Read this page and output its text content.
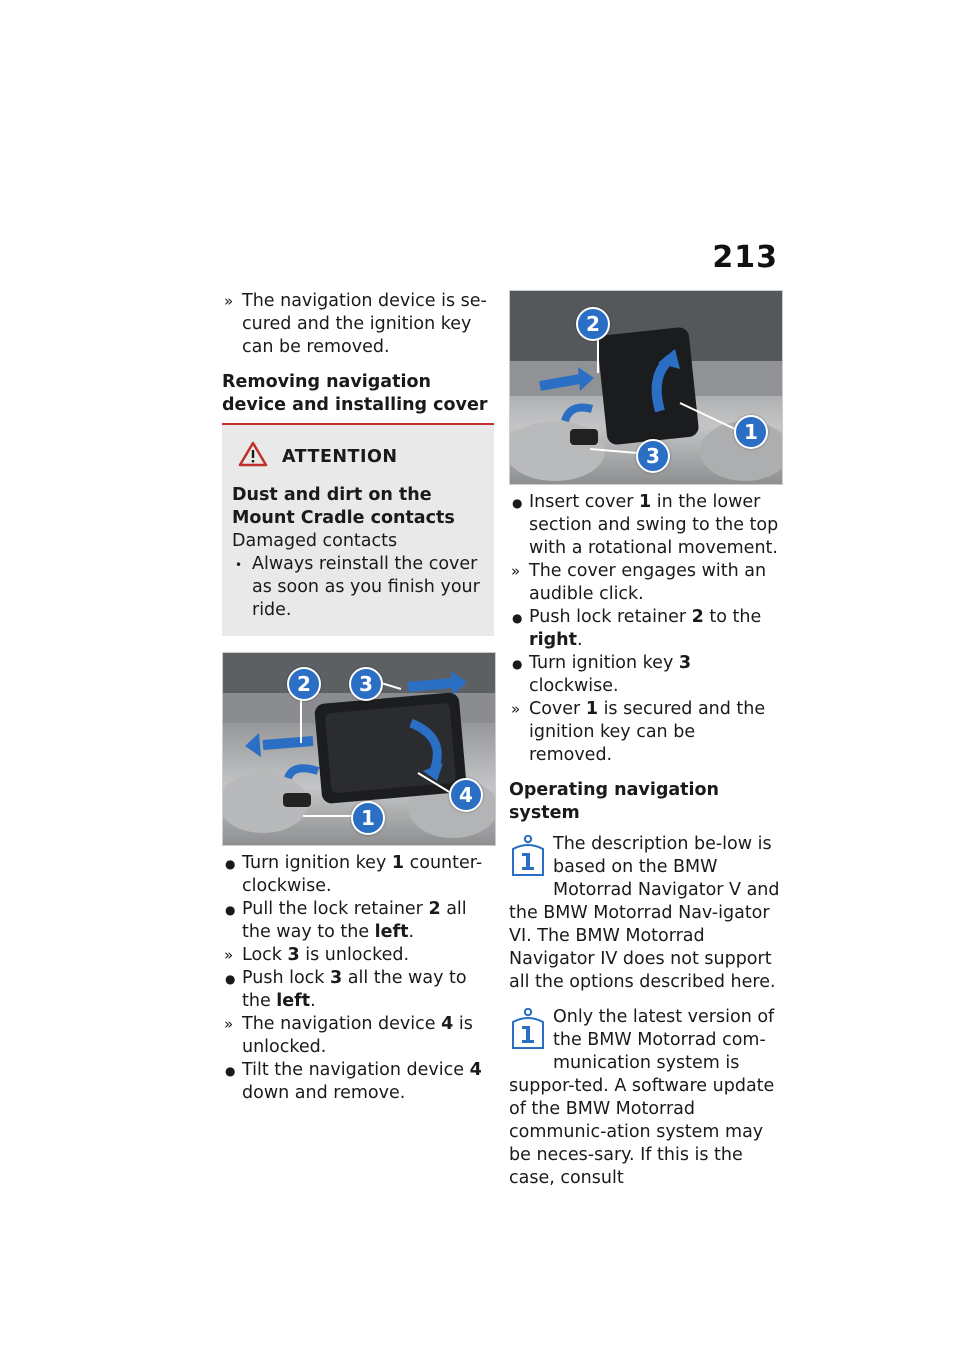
213
» The navigation device is se-cured and the ignition key can be removed.
Removing navigation device and installing cover
ATTENTION
Dust and dirt on the Mount Cradle contacts
Damaged contacts
• Always reinstall the cover as soon as you finish your ride.
2	3
4
1
● Turn ignition key 1 counter-clockwise.
● Pull the lock retainer 2 all the way to the left.
» Lock 3 is unlocked.
● Push lock 3 all the way to the left.
» The navigation device 4 is unlocked.
● Tilt the navigation device 4 down and remove.
2
1
3
● Insert cover 1 in the lower section and swing to the top with a rotational movement.
» The cover engages with an audible click.
● Push lock retainer 2 to the right.
● Turn ignition key 3 clockwise.
» Cover 1 is secured and the ignition key can be removed.
Operating navigation system

The description be-low is based on the BMW Motorrad Navigator V and the BMW Motorrad Nav-igator VI. The BMW Motorrad Navigator IV does not support all the options described here.

Only the latest version of the BMW Motorrad com-munication system is suppor-ted. A software update of the BMW Motorrad communic-ation system may be neces-sary. If this is the case, consult
